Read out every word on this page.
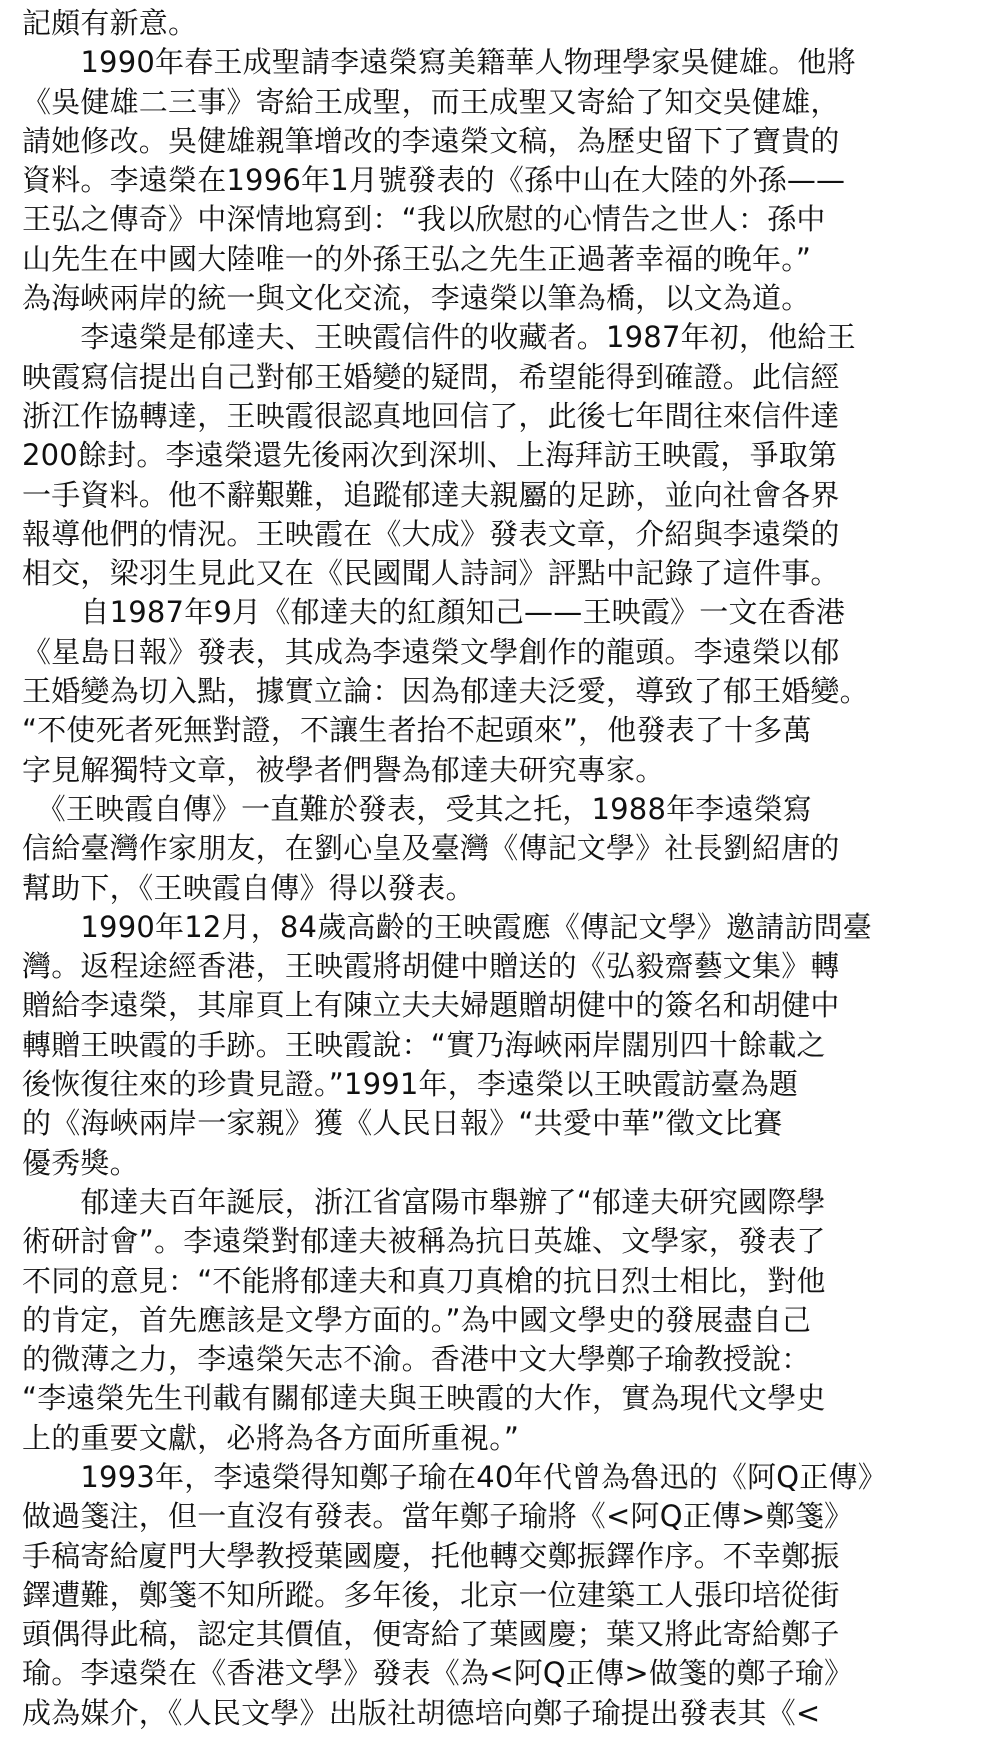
記頗有新意。
　　1990年春王成聖請李遠榮寫美籍華人物理學家吳健雄。他將
《吳健雄二三事》寄給王成聖，而王成聖又寄給了知交吳健雄，
請她修改。吳健雄親筆增改的李遠榮文稿，為歷史留下了寶貴的
資料。李遠榮在1996年1月號發表的《孫中山在大陸的外孫——
王弘之傳奇》中深情地寫到：“我以欣慰的心情告之世人：孫中
山先生在中國大陸唯一的外孫王弘之先生正過著幸福的晚年。”
為海峽兩岸的統一與文化交流，李遠榮以筆為橋，以文為道。
　　李遠榮是郁達夫、王映霞信件的收藏者。1987年初，他給王
映霞寫信提出自己對郁王婚變的疑問，希望能得到確證。此信經
浙江作協轉達，王映霞很認真地回信了，此後七年間往來信件達
200餘封。李遠榮還先後兩次到深圳、上海拜訪王映霞，爭取第
一手資料。他不辭艱難，追蹤郁達夫親屬的足跡，並向社會各界
報導他們的情況。王映霞在《大成》發表文章，介紹與李遠榮的
相交，梁羽生見此又在《民國聞人詩詞》評點中記錄了這件事。
　　自1987年9月《郁達夫的紅顏知己——王映霞》一文在香港
《星島日報》發表，其成為李遠榮文學創作的龍頭。李遠榮以郁
王婚變為切入點，據實立論：因為郁達夫泛愛，導致了郁王婚變。
“不使死者死無對證，不讓生者抬不起頭來”，他發表了十多萬
字見解獨特文章，被學者們譽為郁達夫研究專家。
　《王映霞自傳》一直難於發表，受其之托，1988年李遠榮寫
信給臺灣作家朋友，在劉心皇及臺灣《傳記文學》社長劉紹唐的
幫助下，《王映霞自傳》得以發表。
　　1990年12月，84歲高齡的王映霞應《傳記文學》邀請訪問臺
灣。返程途經香港，王映霞將胡健中贈送的《弘毅齋藝文集》轉
贈給李遠榮，其扉頁上有陳立夫夫婦題贈胡健中的簽名和胡健中
轉贈王映霞的手跡。王映霞說：“實乃海峽兩岸闊別四十餘載之
後恢復往來的珍貴見證。”1991年，李遠榮以王映霞訪臺為題
的《海峽兩岸一家親》獲《人民日報》“共愛中華”徵文比賽
優秀獎。
　　郁達夫百年誕辰，浙江省富陽市舉辦了“郁達夫研究國際學
術研討會”。李遠榮對郁達夫被稱為抗日英雄、文學家，發表了
不同的意見：“不能將郁達夫和真刀真槍的抗日烈士相比，對他
的肯定，首先應該是文學方面的。”為中國文學史的發展盡自己
的微薄之力，李遠榮矢志不渝。香港中文大學鄭子瑜教授說：
“李遠榮先生刊載有關郁達夫與王映霞的大作，實為現代文學史
上的重要文獻，必將為各方面所重視。”
　　1993年，李遠榮得知鄭子瑜在40年代曾為魯迅的《阿Q正傳》
做過箋注，但一直沒有發表。當年鄭子瑜將《<阿Q正傳>鄭箋》
手稿寄給廈門大學教授葉國慶，托他轉交鄭振鐸作序。不幸鄭振
鐸遭難，鄭箋不知所蹤。多年後，北京一位建築工人張印培從街
頭偶得此稿，認定其價值，便寄給了葉國慶；葉又將此寄給鄭子
瑜。李遠榮在《香港文學》發表《為<阿Q正傳>做箋的鄭子瑜》
成為媒介，《人民文學》出版社胡德培向鄭子瑜提出發表其《<
